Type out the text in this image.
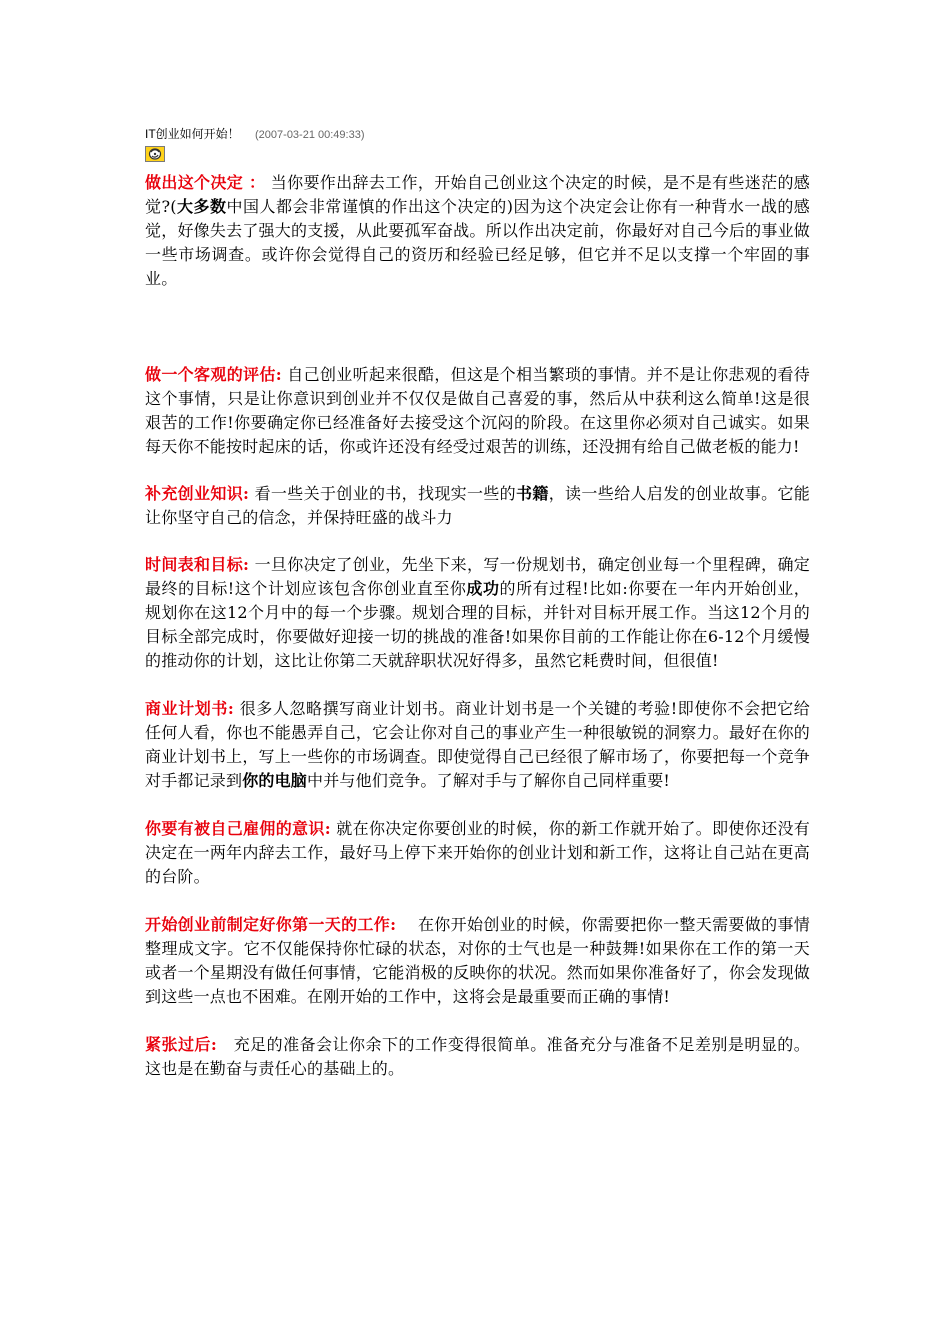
IT创业如何开始！ (2007-03-21 00:49:33)

做出这个决定 ： 当你要作出辞去工作，开始自己创业这个决定的时候，是不是有些迷茫的感觉?(大多数中国人都会非常谨慎的作出这个决定的)因为这个决定会让你有一种背水一战的感觉，好像失去了强大的支援，从此要孤军奋战。所以作出决定前，你最好对自己今后的事业做一些市场调查。或许你会觉得自己的资历和经验已经足够，但它并不足以支撑一个牢固的事业。

做一个客观的评估: 自己创业听起来很酷，但这是个相当繁琐的事情。并不是让你悲观的看待这个事情，只是让你意识到创业并不仅仅是做自己喜爱的事，然后从中获利这么简单!这是很艰苦的工作!你要确定你已经准备好去接受这个沉闷的阶段。在这里你必须对自己诚实。如果每天你不能按时起床的话，你或许还没有经受过艰苦的训练，还没拥有给自己做老板的能力!

补充创业知识: 看一些关于创业的书，找现实一些的书籍，读一些给人启发的创业故事。它能让你坚守自己的信念，并保持旺盛的战斗力

时间表和目标: 一旦你决定了创业，先坐下来，写一份规划书，确定创业每一个里程碑，确定最终的目标!这个计划应该包含你创业直至你成功的所有过程!比如:你要在一年内开始创业，规划你在这12个月中的每一个步骤。规划合理的目标，并针对目标开展工作。当这12个月的目标全部完成时，你要做好迎接一切的挑战的准备!如果你目前的工作能让你在6-12个月缓慢的推动你的计划，这比让你第二天就辞职状况好得多，虽然它耗费时间，但很值!

商业计划书: 很多人忽略撰写商业计划书。商业计划书是一个关键的考验!即使你不会把它给任何人看，你也不能愚弄自己，它会让你对自己的事业产生一种很敏锐的洞察力。最好在你的商业计划书上，写上一些你的市场调查。即使觉得自己已经很了解市场了，你要把每一个竞争对手都记录到你的电脑中并与他们竞争。了解对手与了解你自己同样重要!

你要有被自己雇佣的意识: 就在你决定你要创业的时候，你的新工作就开始了。即使你还没有决定在一两年内辞去工作，最好马上停下来开始你的创业计划和新工作，这将让自己站在更高的台阶。

开始创业前制定好你第一天的工作: 在你开始创业的时候，你需要把你一整天需要做的事情整理成文字。它不仅能保持你忙碌的状态，对你的士气也是一种鼓舞!如果你在工作的第一天或者一个星期没有做任何事情，它能消极的反映你的状况。然而如果你准备好了，你会发现做到这些一点也不困难。在刚开始的工作中，这将会是最重要而正确的事情!

紧张过后: 充足的准备会让你余下的工作变得很简单。准备充分与准备不足差别是明显的。这也是在勤奋与责任心的基础上的。
